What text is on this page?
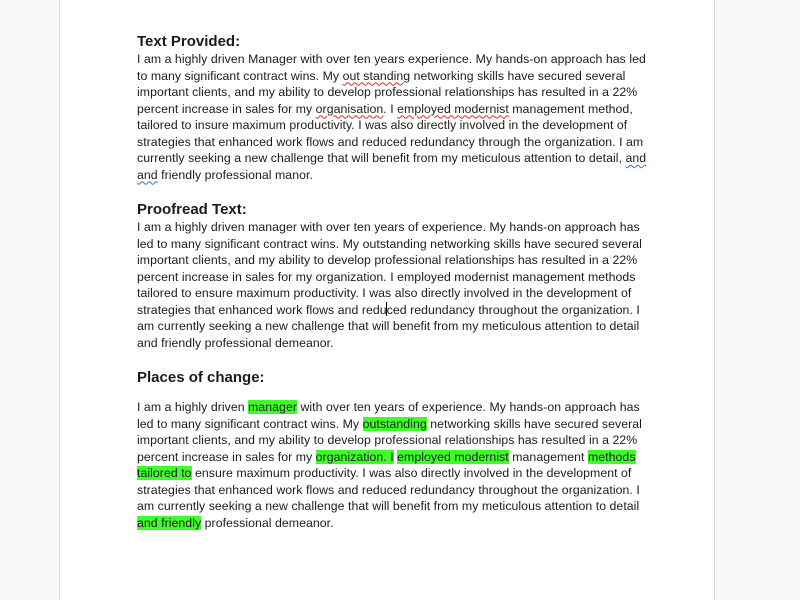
Text Provided:

I am a highly driven Manager with over ten years experience. My hands-on approach has led to many significant contract wins. My out standing networking skills have secured several important clients, and my ability to develop professional relationships has resulted in a 22% percent increase in sales for my organisation. I employed modernist management method, tailored to insure maximum productivity. I was also directly involved in the development of strategies that enhanced work flows and reduced redundancy through the organization. I am currently seeking a new challenge that will benefit from my meticulous attention to detail, and and friendly professional manor.

Proofread Text:

I am a highly driven manager with over ten years of experience. My hands-on approach has led to many significant contract wins. My outstanding networking skills have secured several important clients, and my ability to develop professional relationships has resulted in a 22% percent increase in sales for my organization. I employed modernist management methods tailored to ensure maximum productivity. I was also directly involved in the development of strategies that enhanced work flows and reduced redundancy throughout the organization. I am currently seeking a new challenge that will benefit from my meticulous attention to detail and friendly professional demeanor.

Places of change:

I am a highly driven manager with over ten years of experience. My hands-on approach has led to many significant contract wins. My outstanding networking skills have secured several important clients, and my ability to develop professional relationships has resulted in a 22% percent increase in sales for my organization. I employed modernist management methods tailored to ensure maximum productivity. I was also directly involved in the development of strategies that enhanced work flows and reduced redundancy throughout the organization. I am currently seeking a new challenge that will benefit from my meticulous attention to detail and friendly professional demeanor.
